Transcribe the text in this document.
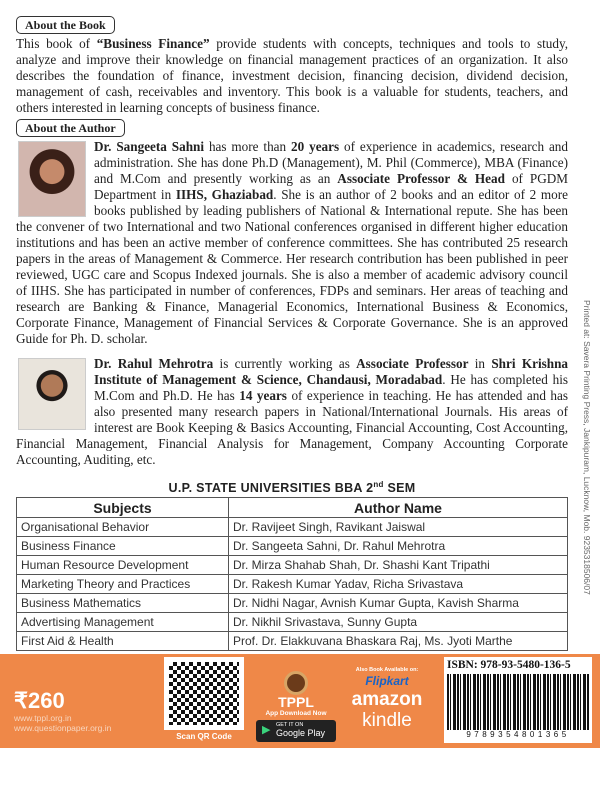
About the Book
This book of “Business Finance” provide students with concepts, techniques and tools to study, analyze and improve their knowledge on financial management practices of an organization. It also describes the foundation of finance, investment decision, financing decision, dividend decision, management of cash, receivables and inventory. This book is a valuable for students, teachers, and others interested in learning concepts of business finance.
About the Author
Dr. Sangeeta Sahni has more than 20 years of experience in academics, research and administration. She has done Ph.D (Management), M. Phil (Commerce), MBA (Finance) and M.Com and presently working as an Associate Professor & Head of PGDM Department in IIHS, Ghaziabad. She is an author of 2 books and an editor of 2 more books published by leading publishers of National & International repute. She has been the convener of two International and two National conferences organised in different higher education institutions and has been an active member of conference committees. She has contributed 25 research papers in the areas of Management & Commerce. Her research contribution has been published in peer reviewed, UGC care and Scopus Indexed journals. She is also a member of academic advisory council of IIHS. She has participated in number of conferences, FDPs and seminars. Her areas of teaching and research are Banking & Finance, Managerial Economics, International Business & Economics, Corporate Finance, Management of Financial Services & Corporate Governance. She is an approved Guide for Ph. D. scholar.
Dr. Rahul Mehrotra is currently working as Associate Professor in Shri Krishna Institute of Management & Science, Chandausi, Moradabad. He has completed his M.Com and Ph.D. He has 14 years of experience in teaching. He has attended and has also presented many research papers in National/International Journals. His areas of interest are Book Keeping & Basics Accounting, Financial Accounting, Cost Accounting, Financial Management, Financial Analysis for Management, Company Accounting Corporate Accounting, Auditing, etc.
U.P. STATE UNIVERSITIES BBA 2nd SEM
Subjects	Author Name
Organisational Behavior	Dr. Ravijeet Singh, Ravikant Jaiswal
Business Finance	Dr. Sangeeta Sahni, Dr. Rahul Mehrotra
Human Resource Development	Dr. Mirza Shahab Shah, Dr. Shashi Kant Tripathi
Marketing Theory and Practices	Dr. Rakesh Kumar Yadav, Richa Srivastava
Business Mathematics	Dr. Nidhi Nagar, Avnish Kumar Gupta, Kavish Sharma
Advertising Management	Dr. Nikhil Srivastava, Sunny Gupta
First Aid & Health	Prof. Dr. Elakkuvana Bhaskara Raj, Ms. Jyoti Marthe
Printed at: Savera Printing Press, Jankipuram, Lucknow, Mob. 9235318506/07
₹260
www.tppl.org.in
www.questionpaper.org.in
Scan QR Code
TPPL
App Download Now
▶ GET IT ON
Google Play
Also Book Available on:
Flipkart
amazon
kindle
ISBN: 978-93-5480-136-5
9789354801365
